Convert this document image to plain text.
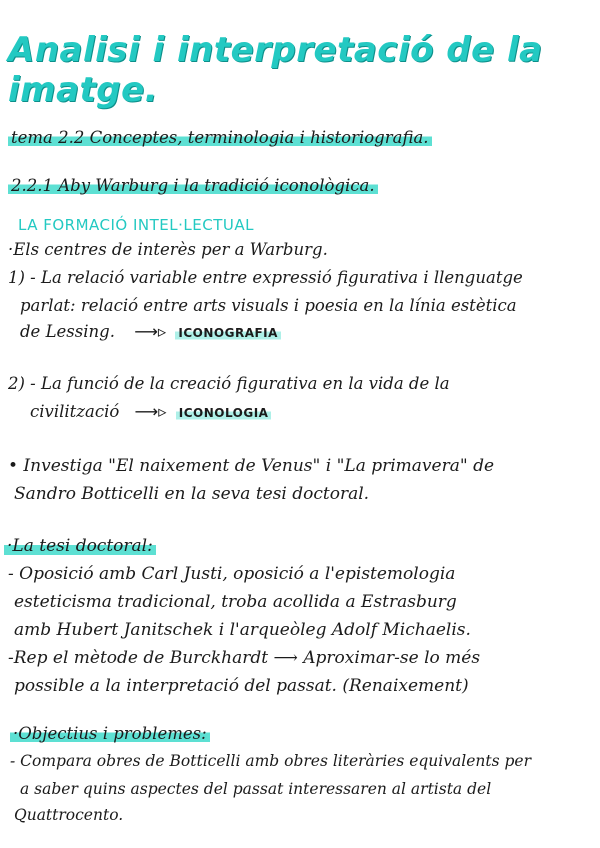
Analisi i interpretació de la
imatge.
tema 2.2 Conceptes, terminologia i historiografia.
2.2.1 Aby Warburg i la tradició iconològica.
LA FORMACIÓ INTEL·LECTUAL
·Els centres de interès per a Warburg.
1) - La relació variable entre expressió figurativa i llenguatge
parlat: relació entre arts visuals i poesia en la línia estètica
de Lessing. ⟶▹ ICONOGRAFIA
2) - La funció de la creació figurativa en la vida de la
civilització ⟶▹ ICONOLOGIA
• Investiga "El naixement de Venus" i "La primavera" de
Sandro Botticelli en la seva tesi doctoral.
·La tesi doctoral:
- Oposició amb Carl Justi, oposició a l'epistemologia
esteticisma tradicional, troba acollida a Estrasburg
amb Hubert Janitschek i l'arqueòleg Adolf Michaelis.
-Rep el mètode de Burckhardt ⟶ Aproximar-se lo més
possible a la interpretació del passat. (Renaixement)
·Objectius i problemes:
- Compara obres de Botticelli amb obres literàries equivalents per
a saber quins aspectes del passat interessaren al artista del
Quattrocento.
